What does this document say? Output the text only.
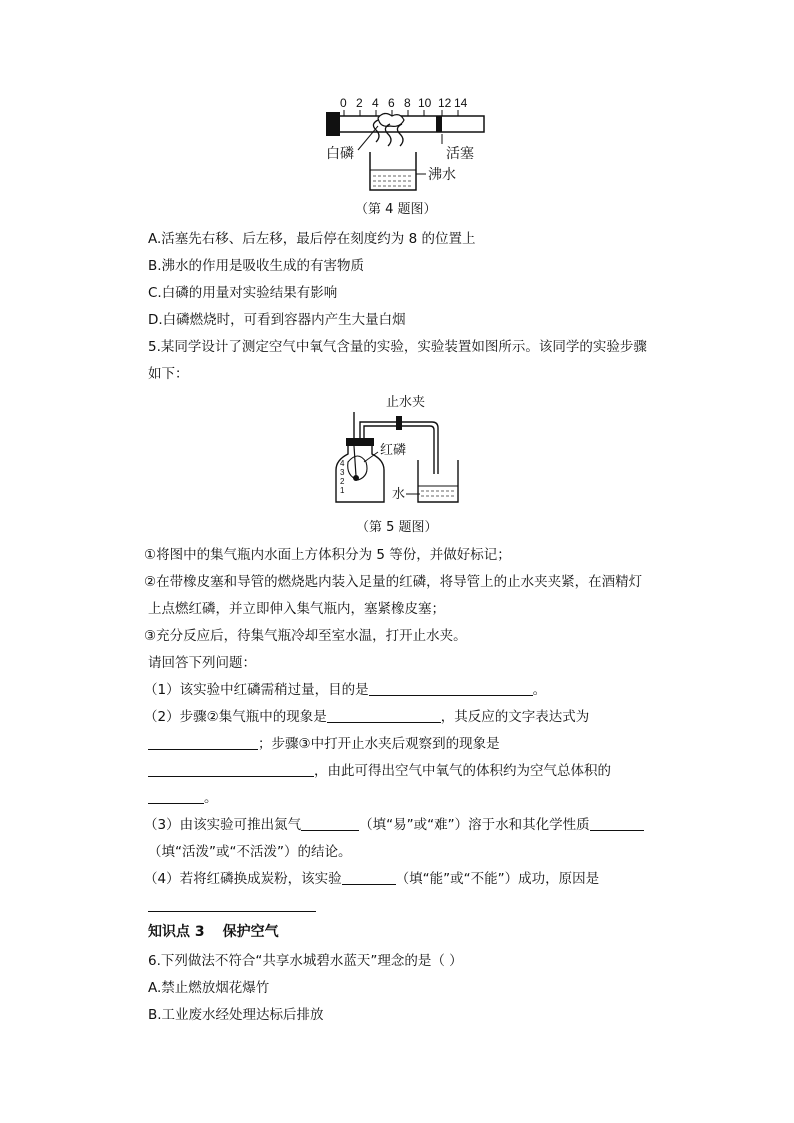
0 2 4 6 8 10 12 14
白磷	活塞
沸水
（第 4 题图）
A.活塞先右移、后左移，最后停在刻度约为 8 的位置上
B.沸水的作用是吸收生成的有害物质
C.白磷的用量对实验结果有影响
D.白磷燃烧时，可看到容器内产生大量白烟
5.某同学设计了测定空气中氧气含量的实验，实验装置如图所示。该同学的实验步骤
如下：
止水夹
4
3
2
1
红磷
水
（第 5 题图）
①将图中的集气瓶内水面上方体积分为 5 等份，并做好标记；
②在带橡皮塞和导管的燃烧匙内装入足量的红磷，将导管上的止水夹夹紧，在酒精灯
上点燃红磷，并立即伸入集气瓶内，塞紧橡皮塞；
③充分反应后，待集气瓶冷却至室水温，打开止水夹。
请回答下列问题：
（1）该实验中红磷需稍过量，目的是	。
（2）步骤②集气瓶中的现象是	，其反应的文字表达式为
；步骤③中打开止水夹后观察到的现象是
，由此可得出空气中氧气的体积约为空气总体积的
。
（3）由该实验可推出氮气	（填“易”或“难”）溶于水和其化学性质
（填“活泼”或“不活泼”）的结论。
（4）若将红磷换成炭粉，该实验	（填“能”或“不能”）成功，原因是
知识点 3 保护空气
6.下列做法不符合“共享水城碧水蓝天”理念的是（ ）
A.禁止燃放烟花爆竹
B.工业废水经处理达标后排放
